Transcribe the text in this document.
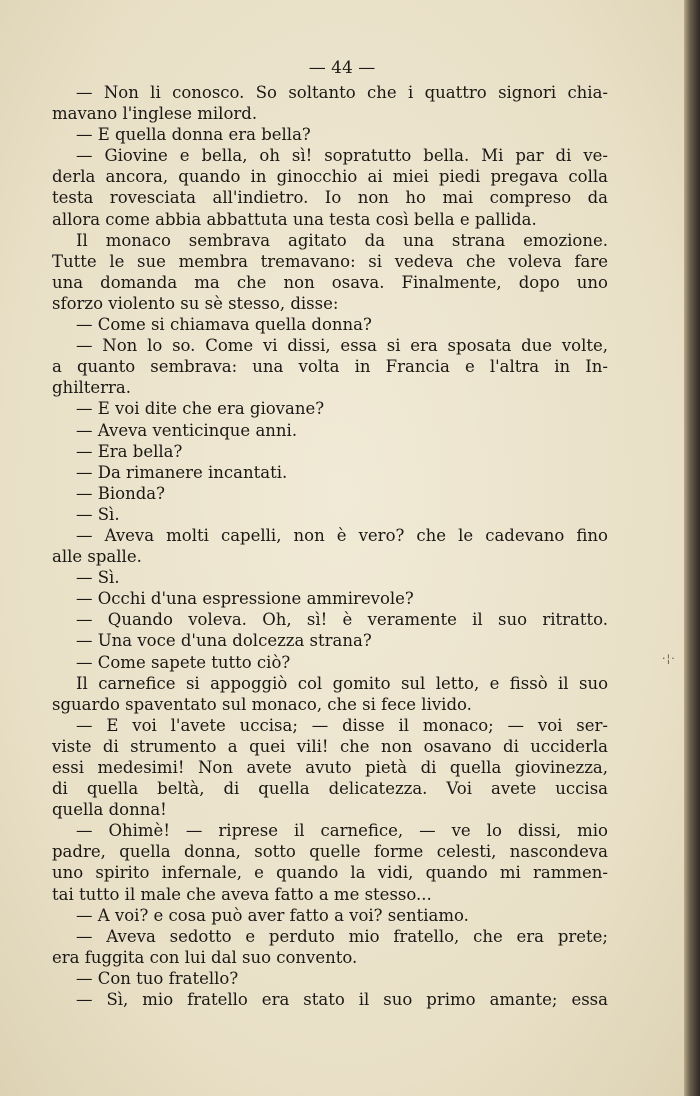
— 44 —
— Non li conosco. So soltanto che i quattro signori chia-
mavano l'inglese milord.
— E quella donna era bella?
— Giovine e bella, oh sì! sopratutto bella. Mi par di ve-
derla ancora, quando in ginocchio ai miei piedi pregava colla
testa rovesciata all'indietro. Io non ho mai compreso da
allora come abbia abbattuta una testa così bella e pallida.
Il monaco sembrava agitato da una strana emozione.
Tutte le sue membra tremavano: si vedeva che voleva fare
una domanda ma che non osava. Finalmente, dopo uno
sforzo violento su sè stesso, disse:
— Come si chiamava quella donna?
— Non lo so. Come vi dissi, essa si era sposata due volte,
a quanto sembrava: una volta in Francia e l'altra in In-
ghilterra.
— E voi dite che era giovane?
— Aveva venticinque anni.
— Era bella?
— Da rimanere incantati.
— Bionda?
— Sì.
— Aveva molti capelli, non è vero? che le cadevano fino
alle spalle.
— Sì.
— Occhi d'una espressione ammirevole?
— Quando voleva. Oh, sì! è veramente il suo ritratto.
— Una voce d'una dolcezza strana?
— Come sapete tutto ciò?
Il carnefice si appoggiò col gomito sul letto, e fissò il suo
sguardo spaventato sul monaco, che si fece livido.
— E voi l'avete uccisa; — disse il monaco; — voi ser-
viste di strumento a quei vili! che non osavano di ucciderla
essi medesimi! Non avete avuto pietà di quella giovinezza,
di quella beltà, di quella delicatezza. Voi avete uccisa
quella donna!
— Ohimè! — riprese il carnefice, — ve lo dissi, mio
padre, quella donna, sotto quelle forme celesti, nascondeva
uno spirito infernale, e quando la vidi, quando mi rammen-
tai tutto il male che aveva fatto a me stesso...
— A voi? e cosa può aver fatto a voi? sentiamo.
— Aveva sedotto e perduto mio fratello, che era prete;
era fuggita con lui dal suo convento.
— Con tuo fratello?
— Sì, mio fratello era stato il suo primo amante; essa
·¦·
